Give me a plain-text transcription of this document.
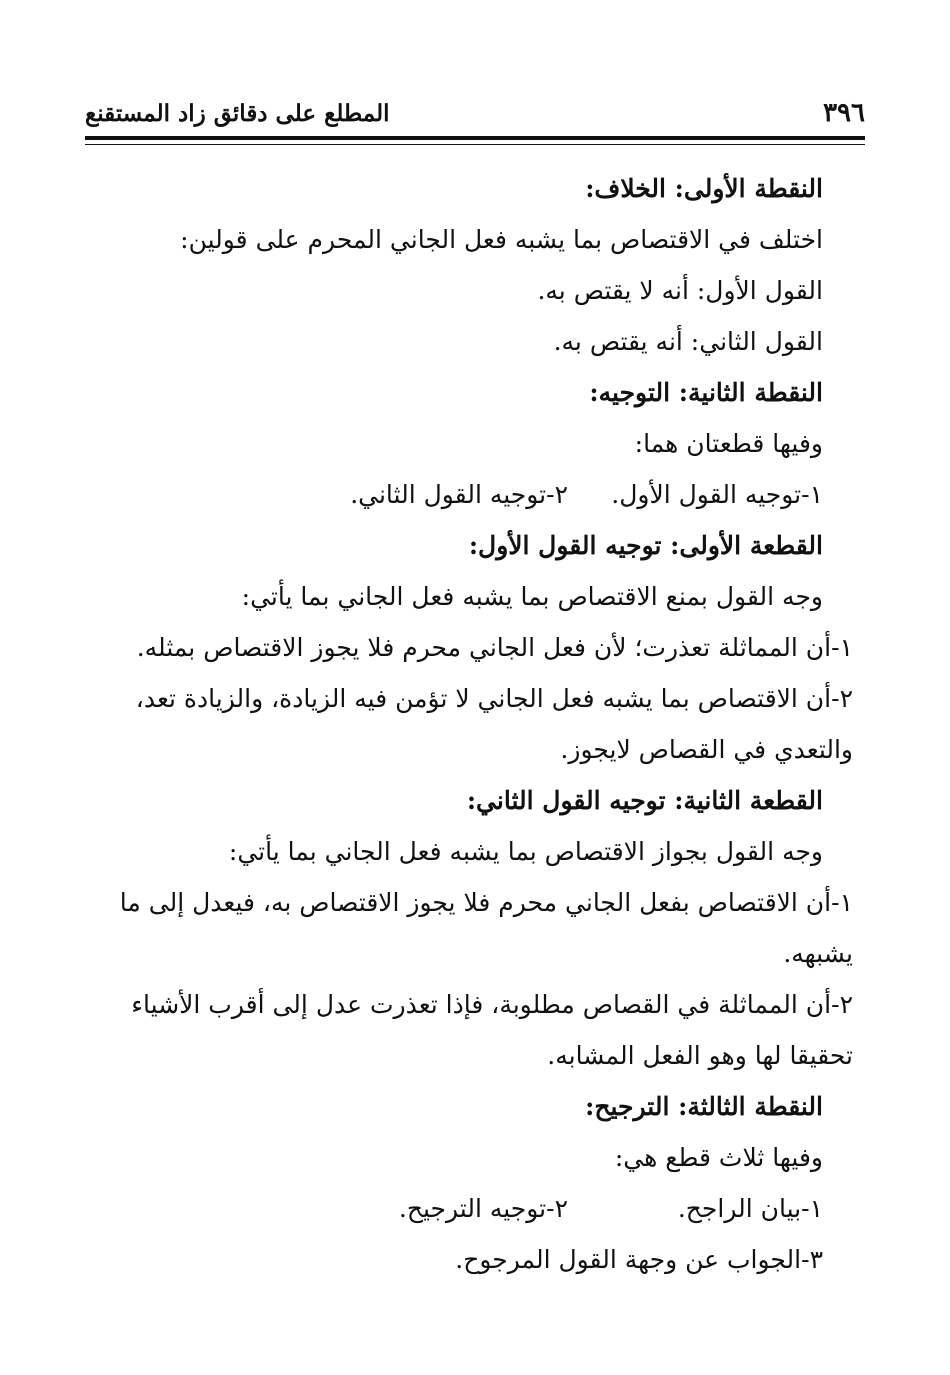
٣٩٦
المطلع على دقائق زاد المستقنع
النقطة الأولى: الخلاف:
اختلف في الاقتصاص بما يشبه فعل الجاني المحرم على قولين:
القول الأول: أنه لا يقتص به.
القول الثاني: أنه يقتص به.
النقطة الثانية: التوجيه:
وفيها قطعتان هما:
١-توجيه القول الأول.
٢-توجيه القول الثاني.
القطعة الأولى: توجيه القول الأول:
وجه القول بمنع الاقتصاص بما يشبه فعل الجاني بما يأتي:
١-أن المماثلة تعذرت؛ لأن فعل الجاني محرم فلا يجوز الاقتصاص بمثله.
٢-أن الاقتصاص بما يشبه فعل الجاني لا تؤمن فيه الزيادة، والزيادة تعد،
والتعدي في القصاص لايجوز.
القطعة الثانية: توجيه القول الثاني:
وجه القول بجواز الاقتصاص بما يشبه فعل الجاني بما يأتي:
١-أن الاقتصاص بفعل الجاني محرم فلا يجوز الاقتصاص به، فيعدل إلى ما
يشبهه.
٢-أن المماثلة في القصاص مطلوبة، فإذا تعذرت عدل إلى أقرب الأشياء
تحقيقا لها وهو الفعل المشابه.
النقطة الثالثة: الترجيح:
وفيها ثلاث قطع هي:
١-بيان الراجح.
٢-توجيه الترجيح.
٣-الجواب عن وجهة القول المرجوح.
